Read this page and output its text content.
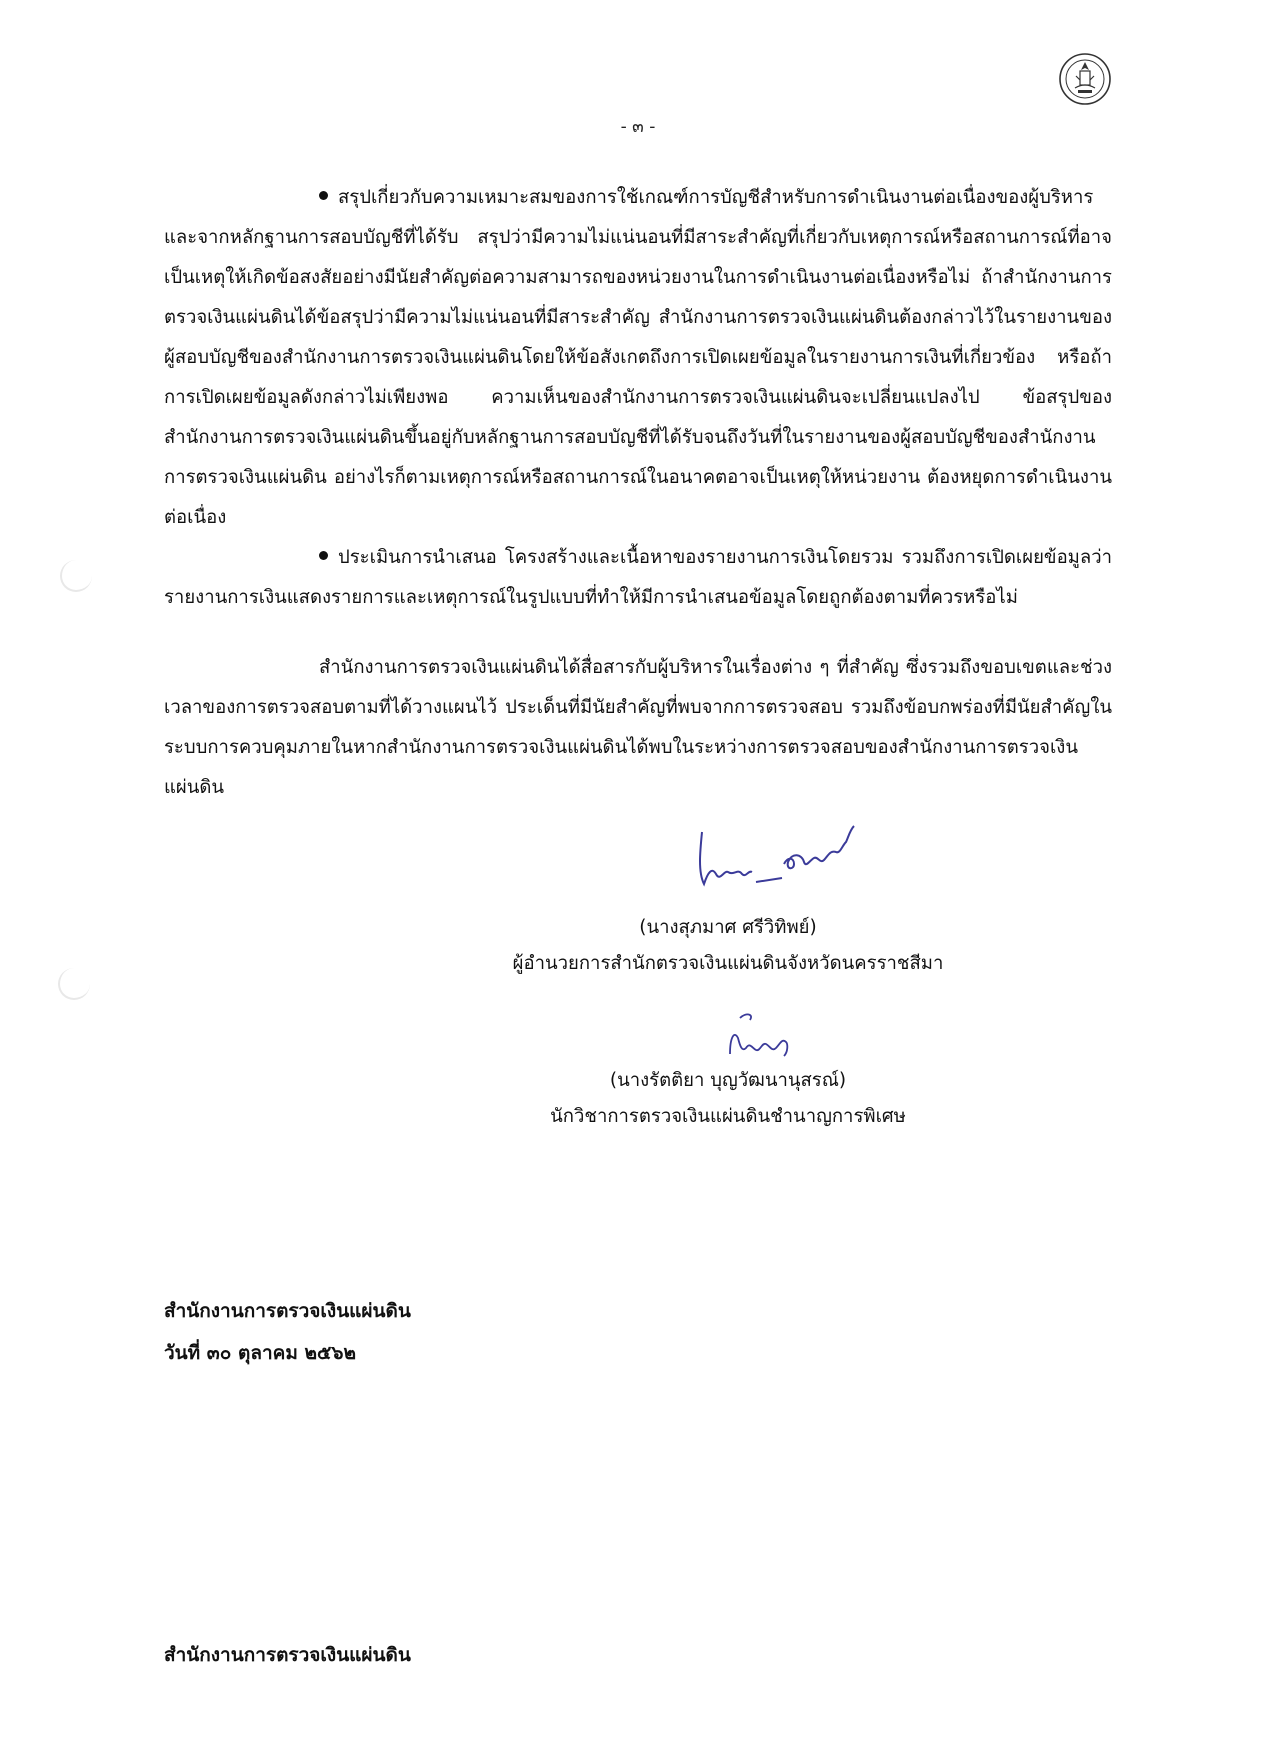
- ๓ -

สรุปเกี่ยวกับความเหมาะสมของการใช้เกณฑ์การบัญชีสำหรับการดำเนินงานต่อเนื่องของผู้บริหารและจากหลักฐานการสอบบัญชีที่ได้รับ สรุปว่ามีความไม่แน่นอนที่มีสาระสำคัญที่เกี่ยวกับเหตุการณ์หรือสถานการณ์ที่อาจเป็นเหตุให้เกิดข้อสงสัยอย่างมีนัยสำคัญต่อความสามารถของหน่วยงานในการดำเนินงานต่อเนื่องหรือไม่ ถ้าสำนักงานการตรวจเงินแผ่นดินได้ข้อสรุปว่ามีความไม่แน่นอนที่มีสาระสำคัญ สำนักงานการตรวจเงินแผ่นดินต้องกล่าวไว้ในรายงานของผู้สอบบัญชีของสำนักงานการตรวจเงินแผ่นดินโดยให้ข้อสังเกตถึงการเปิดเผยข้อมูลในรายงานการเงินที่เกี่ยวข้อง หรือถ้าการเปิดเผยข้อมูลดังกล่าวไม่เพียงพอ ความเห็นของสำนักงานการตรวจเงินแผ่นดินจะเปลี่ยนแปลงไป ข้อสรุปของสำนักงานการตรวจเงินแผ่นดินขึ้นอยู่กับหลักฐานการสอบบัญชีที่ได้รับจนถึงวันที่ในรายงานของผู้สอบบัญชีของสำนักงานการตรวจเงินแผ่นดิน อย่างไรก็ตามเหตุการณ์หรือสถานการณ์ในอนาคตอาจเป็นเหตุให้หน่วยงาน ต้องหยุดการดำเนินงานต่อเนื่อง

ประเมินการนำเสนอ โครงสร้างและเนื้อหาของรายงานการเงินโดยรวม รวมถึงการเปิดเผยข้อมูลว่ารายงานการเงินแสดงรายการและเหตุการณ์ในรูปแบบที่ทำให้มีการนำเสนอข้อมูลโดยถูกต้องตามที่ควรหรือไม่

สำนักงานการตรวจเงินแผ่นดินได้สื่อสารกับผู้บริหารในเรื่องต่าง ๆ ที่สำคัญ ซึ่งรวมถึงขอบเขตและช่วงเวลาของการตรวจสอบตามที่ได้วางแผนไว้ ประเด็นที่มีนัยสำคัญที่พบจากการตรวจสอบ รวมถึงข้อบกพร่องที่มีนัยสำคัญในระบบการควบคุมภายในหากสำนักงานการตรวจเงินแผ่นดินได้พบในระหว่างการตรวจสอบของสำนักงานการตรวจเงินแผ่นดิน

(นางสุภมาศ ศรีวิทิพย์)
ผู้อำนวยการสำนักตรวจเงินแผ่นดินจังหวัดนครราชสีมา
(นางรัตติยา บุญวัฒนานุสรณ์)
นักวิชาการตรวจเงินแผ่นดินชำนาญการพิเศษ
สำนักงานการตรวจเงินแผ่นดิน
วันที่ ๓๐ ตุลาคม ๒๕๖๒
สำนักงานการตรวจเงินแผ่นดิน
